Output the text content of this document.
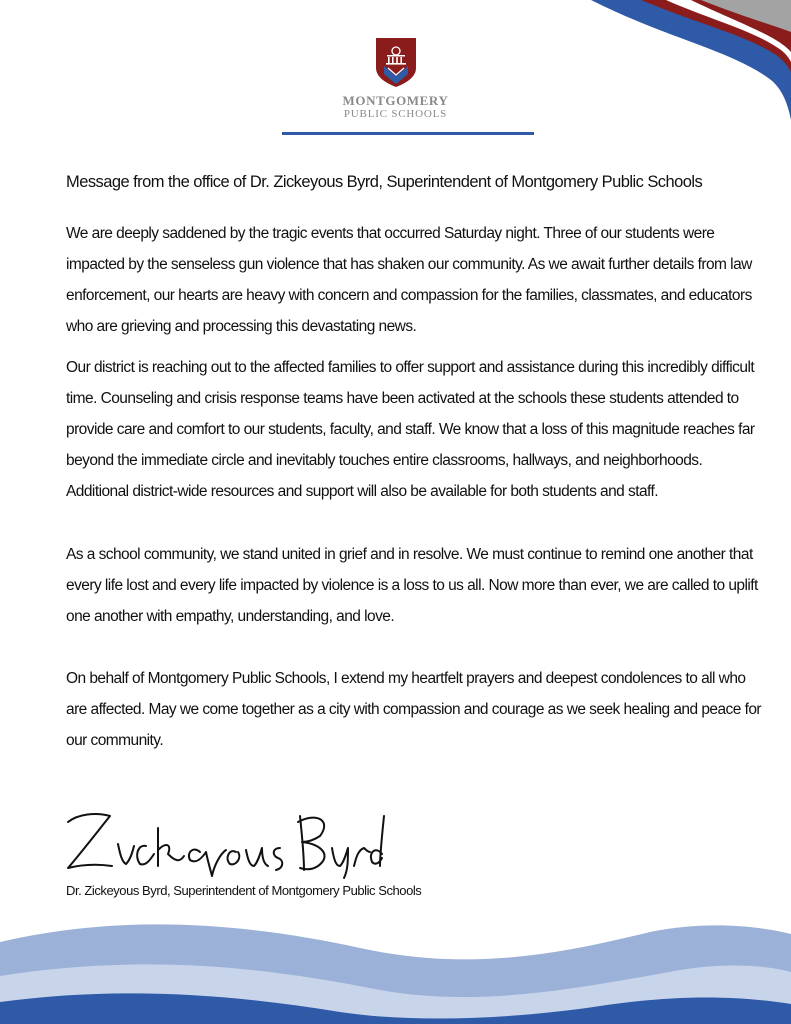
MONTGOMERY
PUBLIC SCHOOLS

Message from the office of Dr. Zickeyous Byrd, Superintendent of Montgomery Public Schools

We are deeply saddened by the tragic events that occurred Saturday night. Three of our students were impacted by the senseless gun violence that has shaken our community. As we await further details from law enforcement, our hearts are heavy with concern and compassion for the families, classmates, and educators who are grieving and processing this devastating news.

Our district is reaching out to the affected families to offer support and assistance during this incredibly difficult time. Counseling and crisis response teams have been activated at the schools these students attended to provide care and comfort to our students, faculty, and staff. We know that a loss of this magnitude reaches far beyond the immediate circle and inevitably touches entire classrooms, hallways, and neighborhoods. Additional district-wide resources and support will also be available for both students and staff.

As a school community, we stand united in grief and in resolve. We must continue to remind one another that every life lost and every life impacted by violence is a loss to us all. Now more than ever, we are called to uplift one another with empathy, understanding, and love.

On behalf of Montgomery Public Schools, I extend my heartfelt prayers and deepest condolences to all who are affected. May we come together as a city with compassion and courage as we seek healing and peace for our community.

Dr. Zickeyous Byrd, Superintendent of Montgomery Public Schools
